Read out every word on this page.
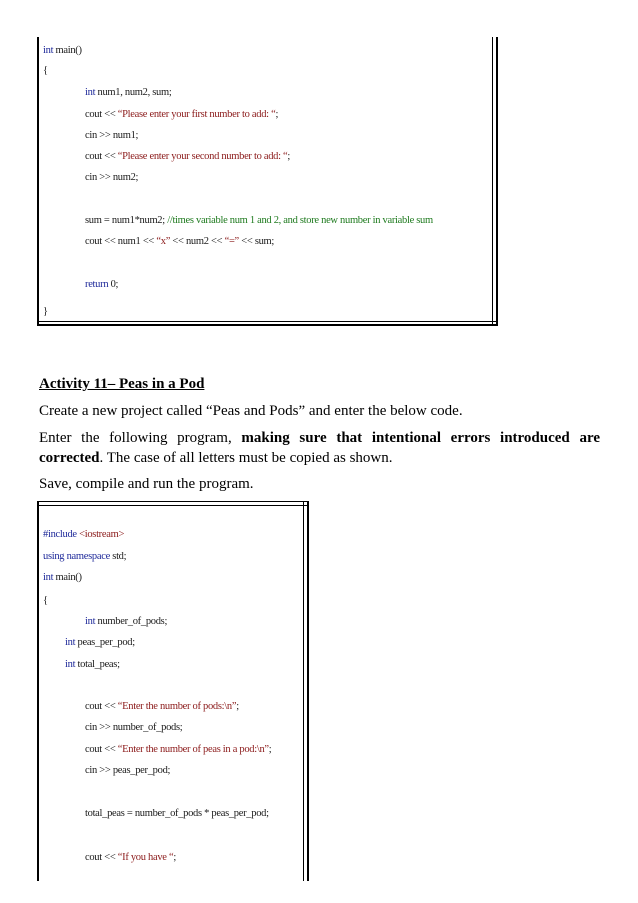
int main()
{
int num1, num2, sum;
cout << “Please enter your first number to add: “;
cin >> num1;
cout << “Please enter your second number to add: “;
cin >> num2;
sum = num1*num2; //times variable num 1 and 2, and store new number in variable sum
cout << num1 << “x” << num2 << “=” << sum;
return 0;
}
Activity 11– Peas in a Pod
Create a new project called “Peas and Pods” and enter the below code.
Enter the following program, making sure that intentional errors introduced are corrected. The case of all letters must be copied as shown.
Save, compile and run the program.
#include <iostream>
using namespace std;
int main()
{
int number_of_pods;
int peas_per_pod;
int total_peas;
cout << “Enter the number of pods:\n”;
cin >> number_of_pods;
cout << “Enter the number of peas in a pod:\n”;
cin >> peas_per_pod;
total_peas = number_of_pods * peas_per_pod;
cout << “If you have “;
